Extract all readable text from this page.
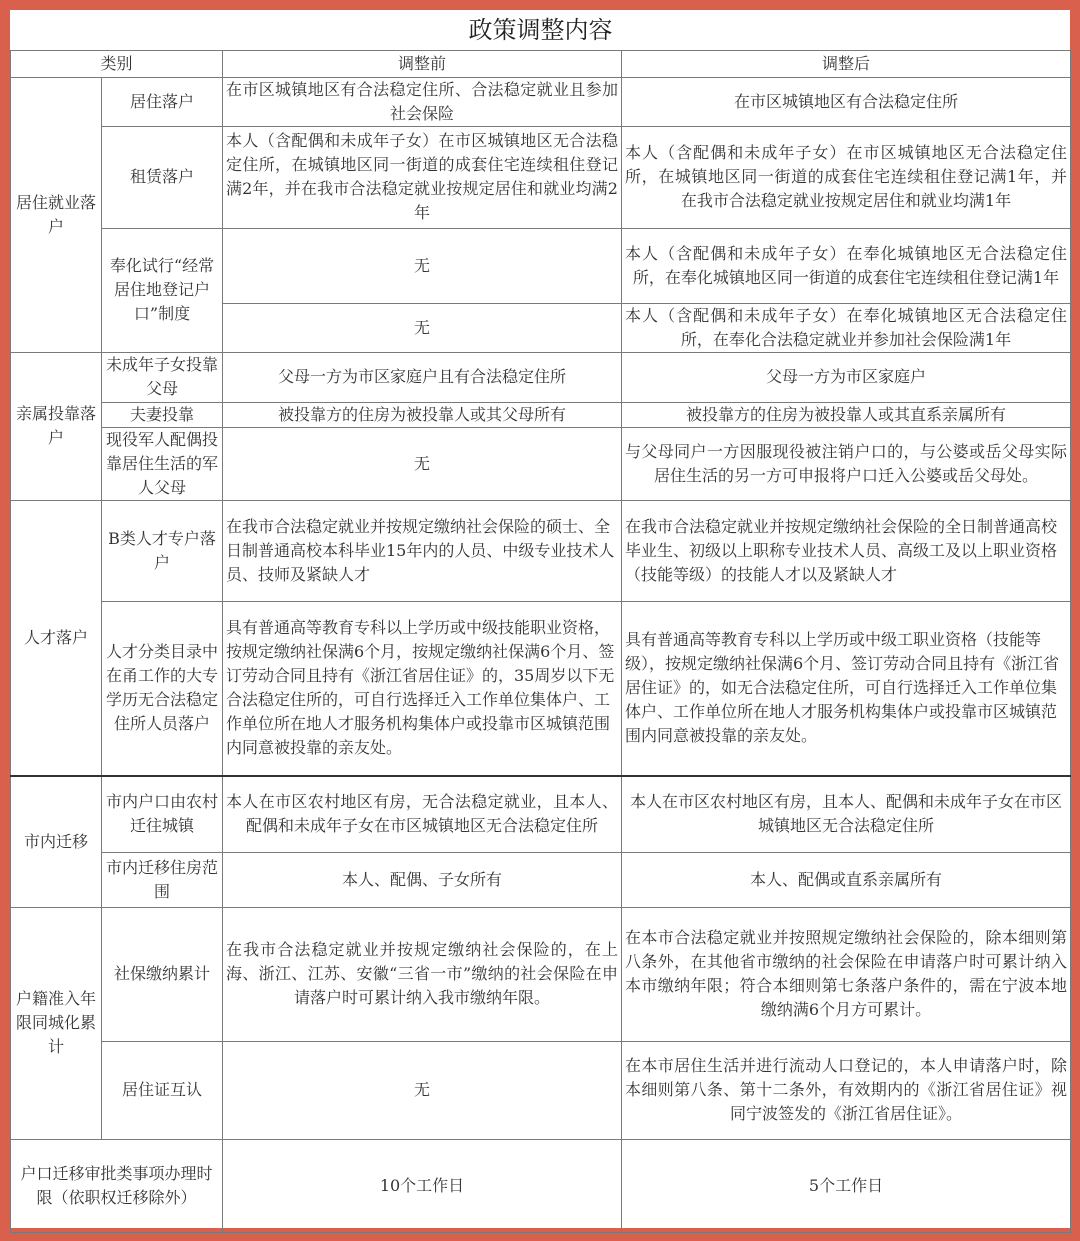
政策调整内容			
类别		调整前	调整后
居住就业落户	居住落户	在市区城镇地区有合法稳定住所、合法稳定就业且参加社会保险	在市区城镇地区有合法稳定住所
	租赁落户	本人（含配偶和未成年子女）在市区城镇地区无合法稳定住所，在城镇地区同一街道的成套住宅连续租住登记满2年，并在我市合法稳定就业按规定居住和就业均满2年	本人（含配偶和未成年子女）在市区城镇地区无合法稳定住所，在城镇地区同一街道的成套住宅连续租住登记满1年，并在我市合法稳定就业按规定居住和就业均满1年
	奉化试行“经常居住地登记户口”制度	无	本人（含配偶和未成年子女）在奉化城镇地区无合法稳定住所，在奉化城镇地区同一街道的成套住宅连续租住登记满1年
		无	本人（含配偶和未成年子女）在奉化城镇地区无合法稳定住所，在奉化合法稳定就业并参加社会保险满1年
亲属投靠落户	未成年子女投靠父母	父母一方为市区家庭户且有合法稳定住所	父母一方为市区家庭户
	夫妻投靠	被投靠方的住房为被投靠人或其父母所有	被投靠方的住房为被投靠人或其直系亲属所有
	现役军人配偶投靠居住生活的军人父母	无	与父母同户一方因服现役被注销户口的，与公婆或岳父母实际居住生活的另一方可申报将户口迁入公婆或岳父母处。
人才落户	B类人才专户落户	在我市合法稳定就业并按规定缴纳社会保险的硕士、全日制普通高校本科毕业15年内的人员、中级专业技术人员、技师及紧缺人才	在我市合法稳定就业并按规定缴纳社会保险的全日制普通高校毕业生、初级以上职称专业技术人员、高级工及以上职业资格（技能等级）的技能人才以及紧缺人才
	人才分类目录中在甬工作的大专学历无合法稳定住所人员落户	具有普通高等教育专科以上学历或中级技能职业资格，按规定缴纳社保满6个月，按规定缴纳社保满6个月、签订劳动合同且持有《浙江省居住证》的，35周岁以下无合法稳定住所的，可自行选择迁入工作单位集体户、工作单位所在地人才服务机构集体户或投靠市区城镇范围内同意被投靠的亲友处。	具有普通高等教育专科以上学历或中级工职业资格（技能等级），按规定缴纳社保满6个月、签订劳动合同且持有《浙江省居住证》的，如无合法稳定住所，可自行选择迁入工作单位集体户、工作单位所在地人才服务机构集体户或投靠市区城镇范围内同意被投靠的亲友处。
市内迁移	市内户口由农村迁往城镇	本人在市区农村地区有房，无合法稳定就业，且本人、配偶和未成年子女在市区城镇地区无合法稳定住所	本人在市区农村地区有房，且本人、配偶和未成年子女在市区城镇地区无合法稳定住所
	市内迁移住房范围	本人、配偶、子女所有	本人、配偶或直系亲属所有
户籍准入年限同城化累计	社保缴纳累计	在我市合法稳定就业并按规定缴纳社会保险的，在上海、浙江、江苏、安徽“三省一市”缴纳的社会保险在申请落户时可累计纳入我市缴纳年限。	在本市合法稳定就业并按照规定缴纳社会保险的，除本细则第八条外，在其他省市缴纳的社会保险在申请落户时可累计纳入本市缴纳年限；符合本细则第七条落户条件的，需在宁波本地缴纳满6个月方可累计。
	居住证互认	无	在本市居住生活并进行流动人口登记的，本人申请落户时，除本细则第八条、第十二条外，有效期内的《浙江省居住证》视同宁波签发的《浙江省居住证》。
户口迁移审批类事项办理时限（依职权迁移除外）		10个工作日	5个工作日
